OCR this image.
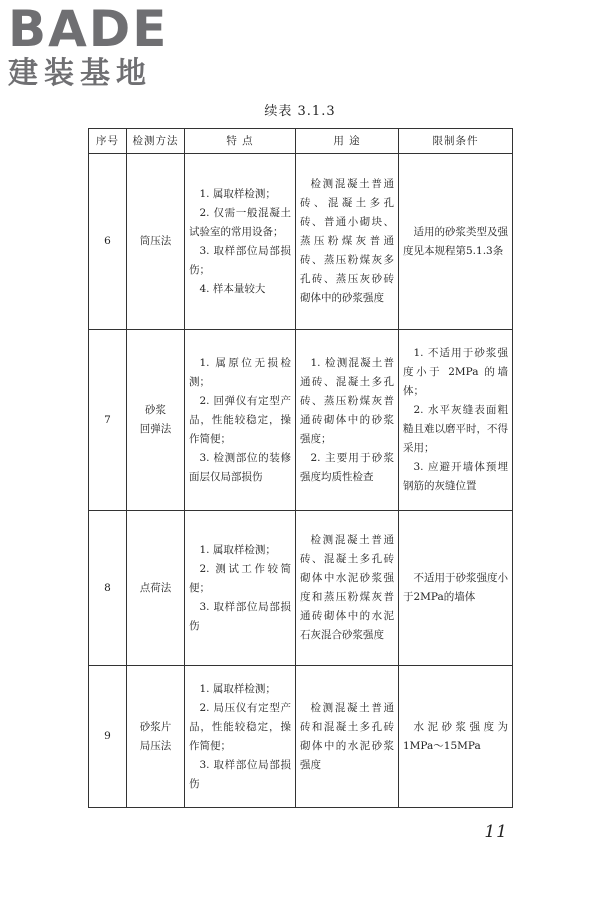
BADE
建装基地
续表 3.1.3
序号	检测方法	特 点	用 途	限制条件
6	筒压法	1. 属取样检测；
2. 仅需一般混凝土试验室的常用设备；
3. 取样部位局部损伤；
4. 样本量较大	检测混凝土普通砖、混凝土多孔砖、普通小砌块、蒸压粉煤灰普通砖、蒸压粉煤灰多孔砖、蒸压灰砂砖砌体中的砂浆强度	适用的砂浆类型及强度见本规程第5.1.3条

7	砂浆
回弹法	1. 属原位无损检测；
2. 回弹仪有定型产品，性能较稳定，操作简便；
3. 检测部位的装修面层仅局部损伤	1. 检测混凝土普通砖、混凝土多孔砖、蒸压粉煤灰普通砖砌体中的砂浆强度；
2. 主要用于砂浆强度均质性检查	1. 不适用于砂浆强度小于 2MPa 的墙体；
2. 水平灰缝表面粗糙且难以磨平时，不得采用；
3. 应避开墙体预埋钢筋的灰缝位置

8	点荷法	1. 属取样检测；
2. 测试工作较简便；
3. 取样部位局部损伤	检测混凝土普通砖、混凝土多孔砖砌体中水泥砂浆强度和蒸压粉煤灰普通砖砌体中的水泥石灰混合砂浆强度	不适用于砂浆强度小于2MPa的墙体

9	砂浆片
局压法	1. 属取样检测；
2. 局压仪有定型产品，性能较稳定，操作简便；
3. 取样部位局部损伤	检测混凝土普通砖和混凝土多孔砖砌体中的水泥砂浆强度	水泥砂浆强度为 1MPa～15MPa
11
